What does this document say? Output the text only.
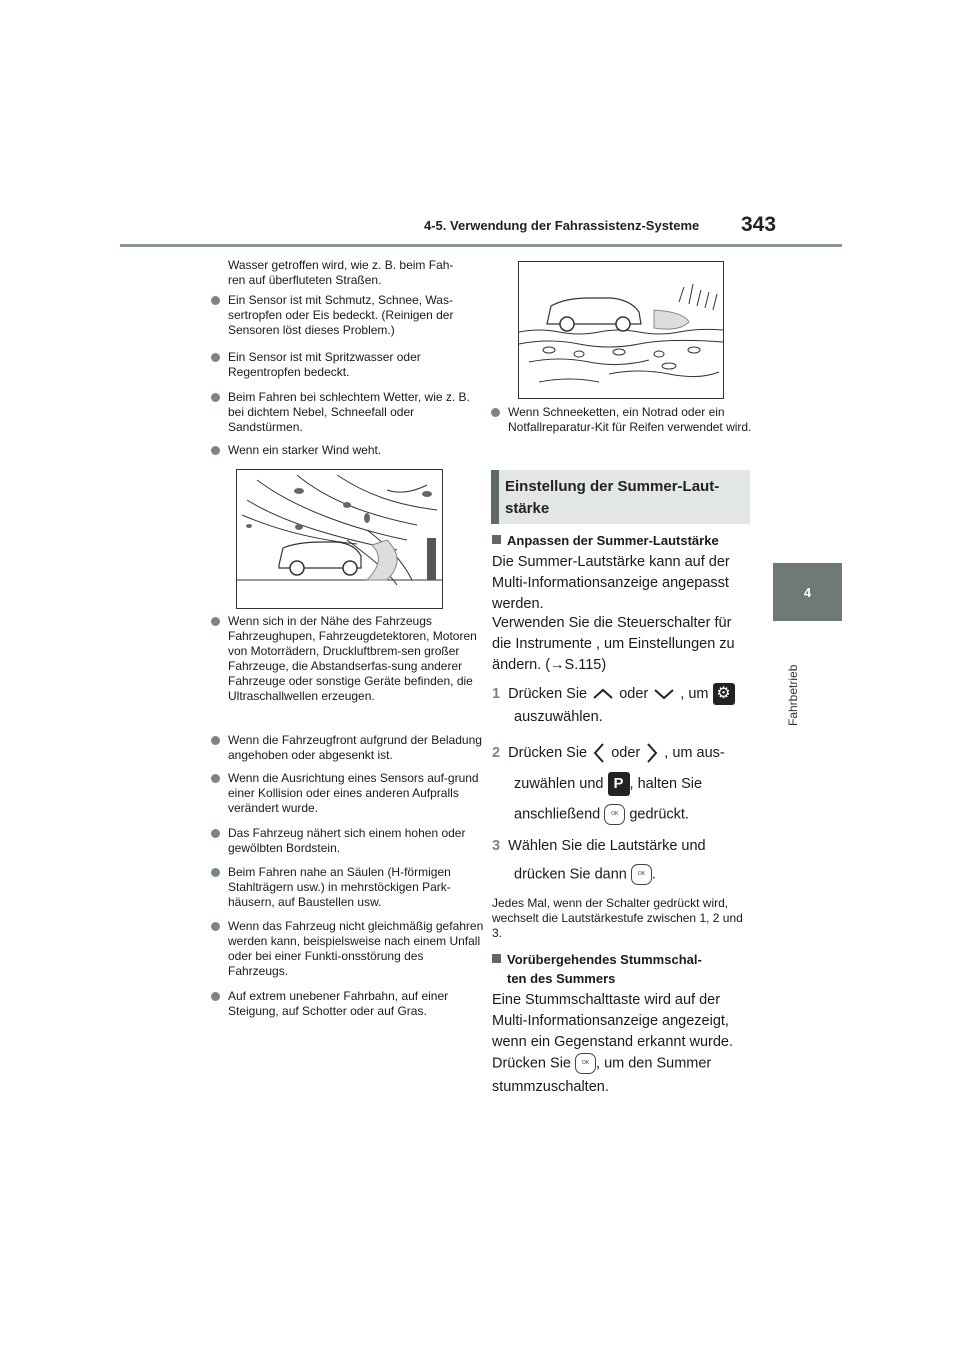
4-5. Verwendung der Fahrassistenz-Systeme 343
4
Fahrbetrieb
Wasser getroffen wird, wie z. B. beim Fah-ren auf überfluteten Straßen.
Ein Sensor ist mit Schmutz, Schnee, Was-sertropfen oder Eis bedeckt. (Reinigen der Sensoren löst dieses Problem.)
Ein Sensor ist mit Spritzwasser oder Regentropfen bedeckt.
Beim Fahren bei schlechtem Wetter, wie z. B. bei dichtem Nebel, Schneefall oder Sandstürmen.
Wenn ein starker Wind weht.
Wenn sich in der Nähe des Fahrzeugs Fahrzeughupen, Fahrzeugdetektoren, Motoren von Motorrädern, Druckluftbrem-sen großer Fahrzeuge, die Abstandserfas-sung anderer Fahrzeuge oder sonstige Geräte befinden, die Ultraschallwellen erzeugen.
Wenn die Fahrzeugfront aufgrund der Beladung angehoben oder abgesenkt ist.
Wenn die Ausrichtung eines Sensors auf-grund einer Kollision oder eines anderen Aufpralls verändert wurde.
Das Fahrzeug nähert sich einem hohen oder gewölbten Bordstein.
Beim Fahren nahe an Säulen (H-förmigen Stahlträgern usw.) in mehrstöckigen Park-häusern, auf Baustellen usw.
Wenn das Fahrzeug nicht gleichmäßig gefahren werden kann, beispielsweise nach einem Unfall oder bei einer Funkti-onsstörung des Fahrzeugs.
Auf extrem unebener Fahrbahn, auf einer Steigung, auf Schotter oder auf Gras.
Wenn Schneeketten, ein Notrad oder ein Notfallreparatur-Kit für Reifen verwendet wird.
Einstellung der Summer-Laut-
stärke
Anpassen der Summer-Lautstärke
Die Summer-Lautstärke kann auf der Multi-Informationsanzeige angepasst werden.
Verwenden Sie die Steuerschalter für die Instrumente , um Einstellungen zu ändern. (→S.115)
1 Drücken Sie oder , um ⚙
auszuwählen.
2 Drücken Sie oder , um aus-
zuwählen und P , halten Sie
anschließend OK gedrückt.
3 Wählen Sie die Lautstärke und
drücken Sie dann OK .
Jedes Mal, wenn der Schalter gedrückt wird, wechselt die Lautstärkestufe zwischen 1, 2 und 3.
Vorübergehendes Stummschal-
ten des Summers
Eine Stummschalttaste wird auf der Multi-Informationsanzeige angezeigt, wenn ein Gegenstand erkannt wurde.
Drücken Sie OK , um den Summer
stummzuschalten.
